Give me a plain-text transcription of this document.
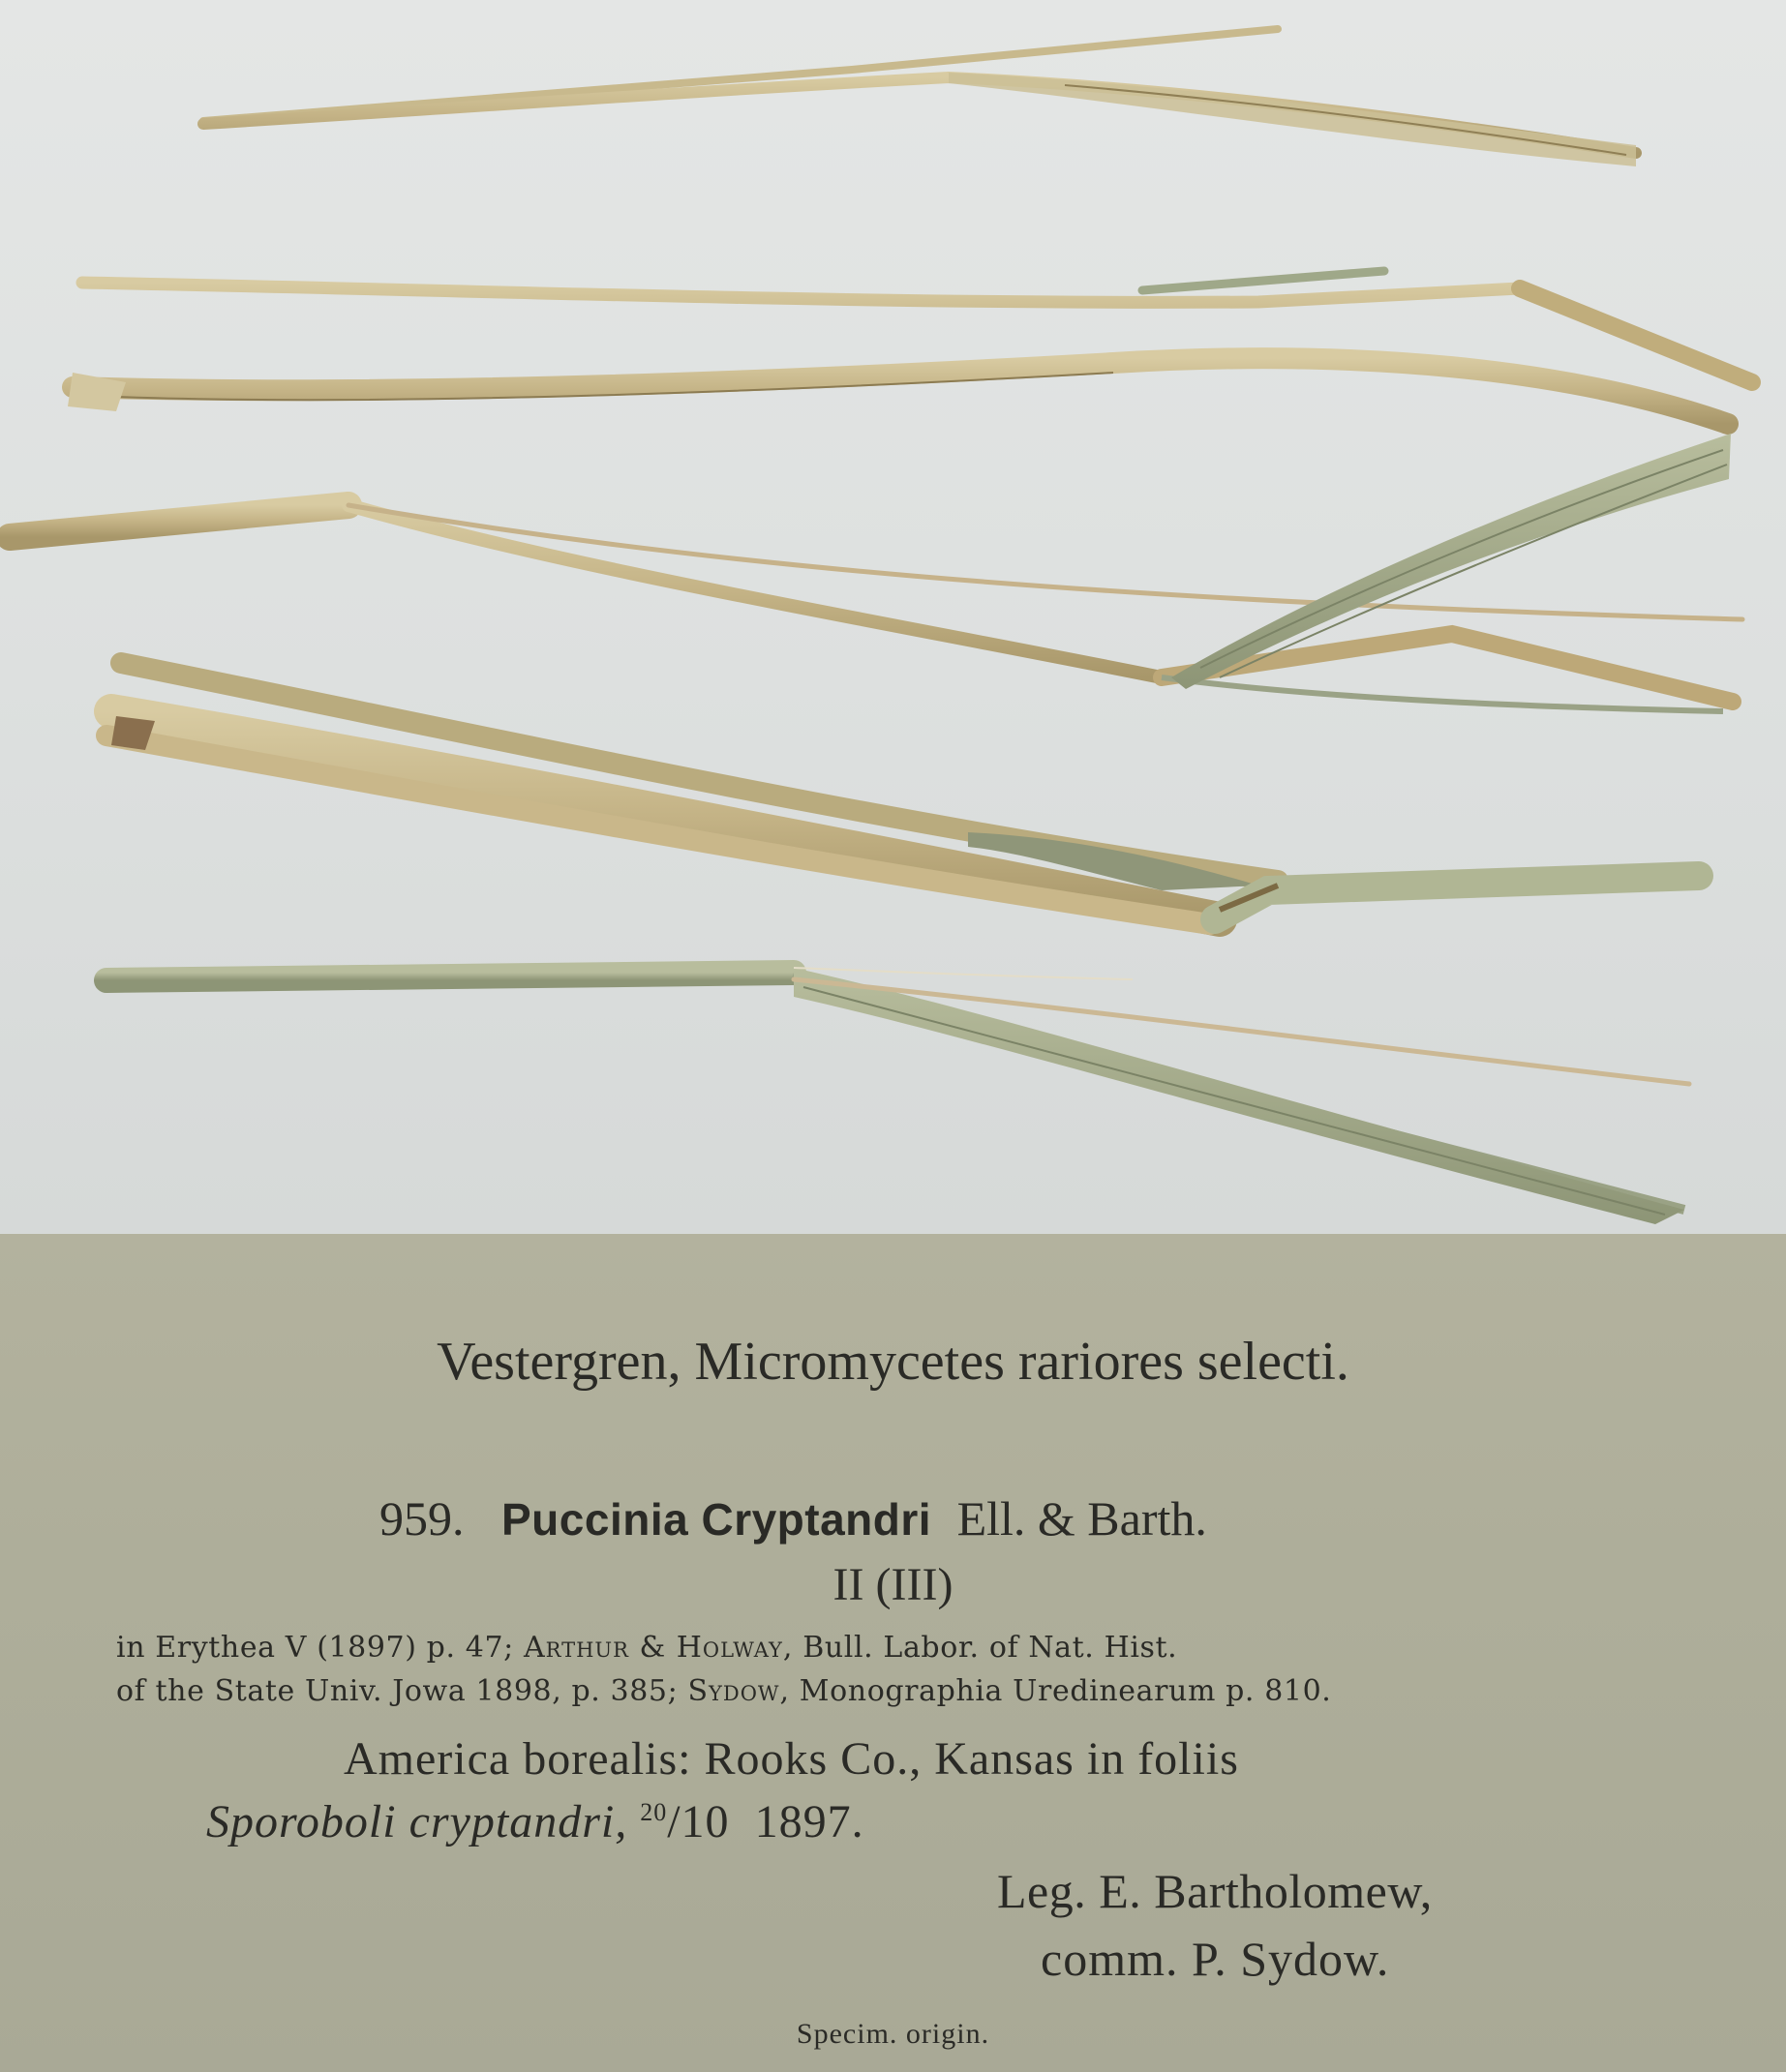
Vestergren, Micromycetes rariores selecti.
959. Puccinia Cryptandri Ell. & Barth.
II (III)
in Erythea V (1897) p. 47; Arthur & Holway, Bull. Labor. of Nat. Hist.
of the State Univ. Jowa 1898, p. 385; Sydow, Monographia Uredinearum p. 810.
America borealis: Rooks Co., Kansas in foliis
Sporoboli cryptandri, $^{20}$/10 1897.
Leg. E. Bartholomew,
comm. P. Sydow.
Specim. origin.
